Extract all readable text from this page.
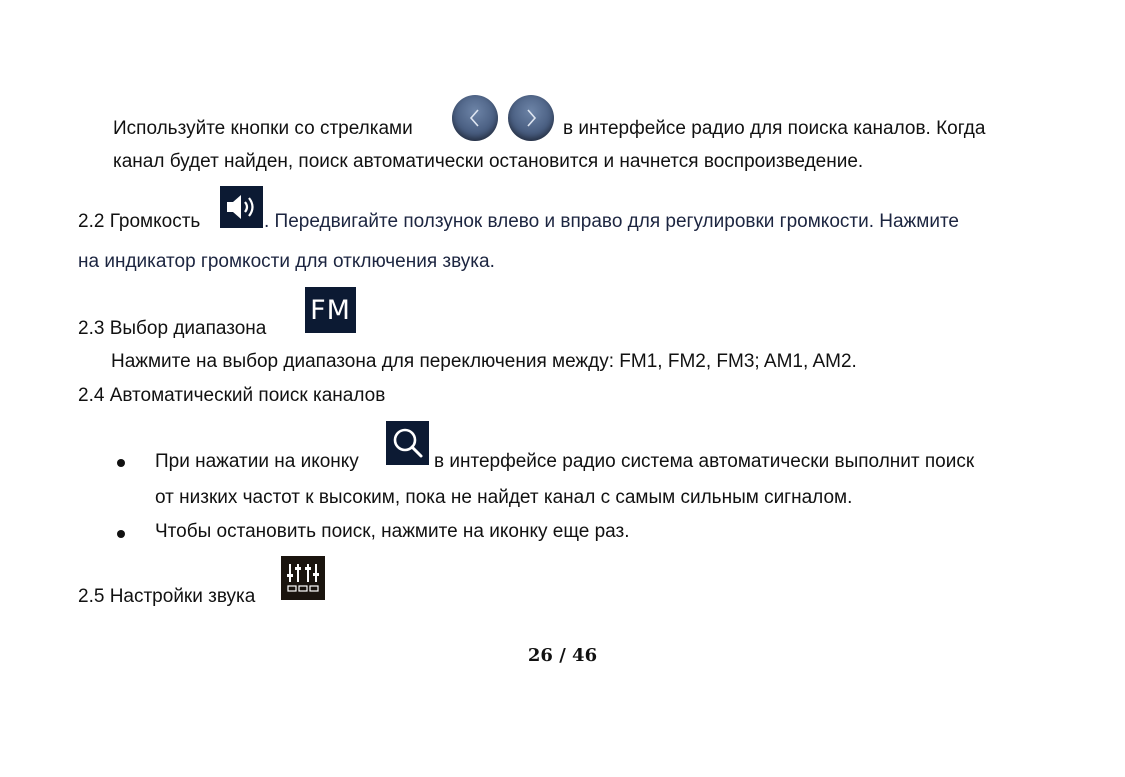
Используйте кнопки со стрелками	в интерфейсе радио для поиска каналов. Когда
канал будет найден, поиск автоматически остановится и начнется воспроизведение.
2.2 Громкость	. Передвигайте ползунок влево и вправо для регулировки громкости. Нажмите
на индикатор громкости для отключения звука.
2.3 Выбор диапазона
FM
Нажмите на выбор диапазона для переключения между: FM1, FM2, FM3; AM1, AM2.
2.4 Автоматический поиск каналов
При нажатии на иконку	в интерфейсе радио система автоматически выполнит поиск
от низких частот к высоким, пока не найдет канал с самым сильным сигналом.
Чтобы остановить поиск, нажмите на иконку еще раз.
2.5 Настройки звука
26 / 46
